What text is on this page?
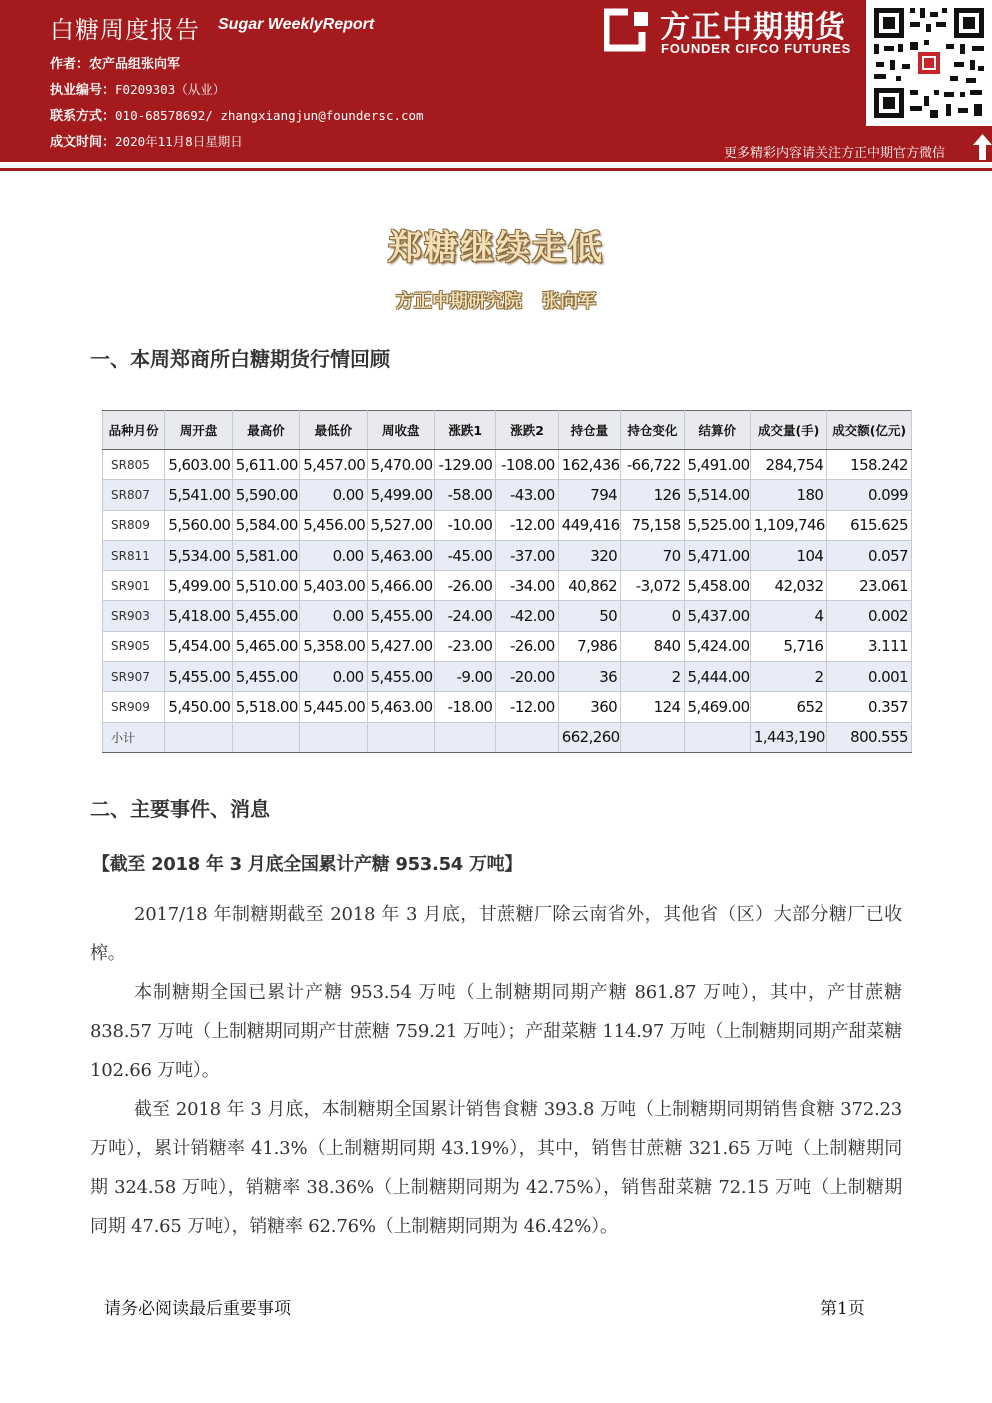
白糖周度报告 Sugar WeeklyReport
作者：农产品组张向军
执业编号：F0209303（从业）
联系方式：010-68578692/ zhangxiangjun@foundersc.com
成文时间：2020年11月8日星期日
方正中期期货
FOUNDER CIFCO FUTURES
更多精彩内容请关注方正中期官方微信
郑糖继续走低
方正中期研究院 张向军
一、本周郑商所白糖期货行情回顾
品种月份	周开盘	最高价	最低价	周收盘	涨跌1	涨跌2	持仓量	持仓变化	结算价	成交量(手)	成交额(亿元)
SR805	5,603.00	5,611.00	5,457.00	5,470.00	-129.00	-108.00	162,436	-66,722	5,491.00	284,754	158.242
SR807	5,541.00	5,590.00	0.00	5,499.00	-58.00	-43.00	794	126	5,514.00	180	0.099
SR809	5,560.00	5,584.00	5,456.00	5,527.00	-10.00	-12.00	449,416	75,158	5,525.00	1,109,746	615.625
SR811	5,534.00	5,581.00	0.00	5,463.00	-45.00	-37.00	320	70	5,471.00	104	0.057
SR901	5,499.00	5,510.00	5,403.00	5,466.00	-26.00	-34.00	40,862	-3,072	5,458.00	42,032	23.061
SR903	5,418.00	5,455.00	0.00	5,455.00	-24.00	-42.00	50	0	5,437.00	4	0.002
SR905	5,454.00	5,465.00	5,358.00	5,427.00	-23.00	-26.00	7,986	840	5,424.00	5,716	3.111
SR907	5,455.00	5,455.00	0.00	5,455.00	-9.00	-20.00	36	2	5,444.00	2	0.001
SR909	5,450.00	5,518.00	5,445.00	5,463.00	-18.00	-12.00	360	124	5,469.00	652	0.357
小计							662,260			1,443,190	800.555
二、主要事件、消息
【截至 2018 年 3 月底全国累计产糖 953.54 万吨】
2017/18 年制糖期截至 2018 年 3 月底，甘蔗糖厂除云南省外，其他省（区）大部分糖厂已收榨。
本制糖期全国已累计产糖 953.54 万吨（上制糖期同期产糖 861.87 万吨），其中，产甘蔗糖 838.57 万吨（上制糖期同期产甘蔗糖 759.21 万吨）；产甜菜糖 114.97 万吨（上制糖期同期产甜菜糖 102.66 万吨）。
截至 2018 年 3 月底，本制糖期全国累计销售食糖 393.8 万吨（上制糖期同期销售食糖 372.23 万吨），累计销糖率 41.3%（上制糖期同期 43.19%），其中，销售甘蔗糖 321.65 万吨（上制糖期同期 324.58 万吨），销糖率 38.36%（上制糖期同期为 42.75%），销售甜菜糖 72.15 万吨（上制糖期同期 47.65 万吨），销糖率 62.76%（上制糖期同期为 46.42%）。
请务必阅读最后重要事项	第1页
